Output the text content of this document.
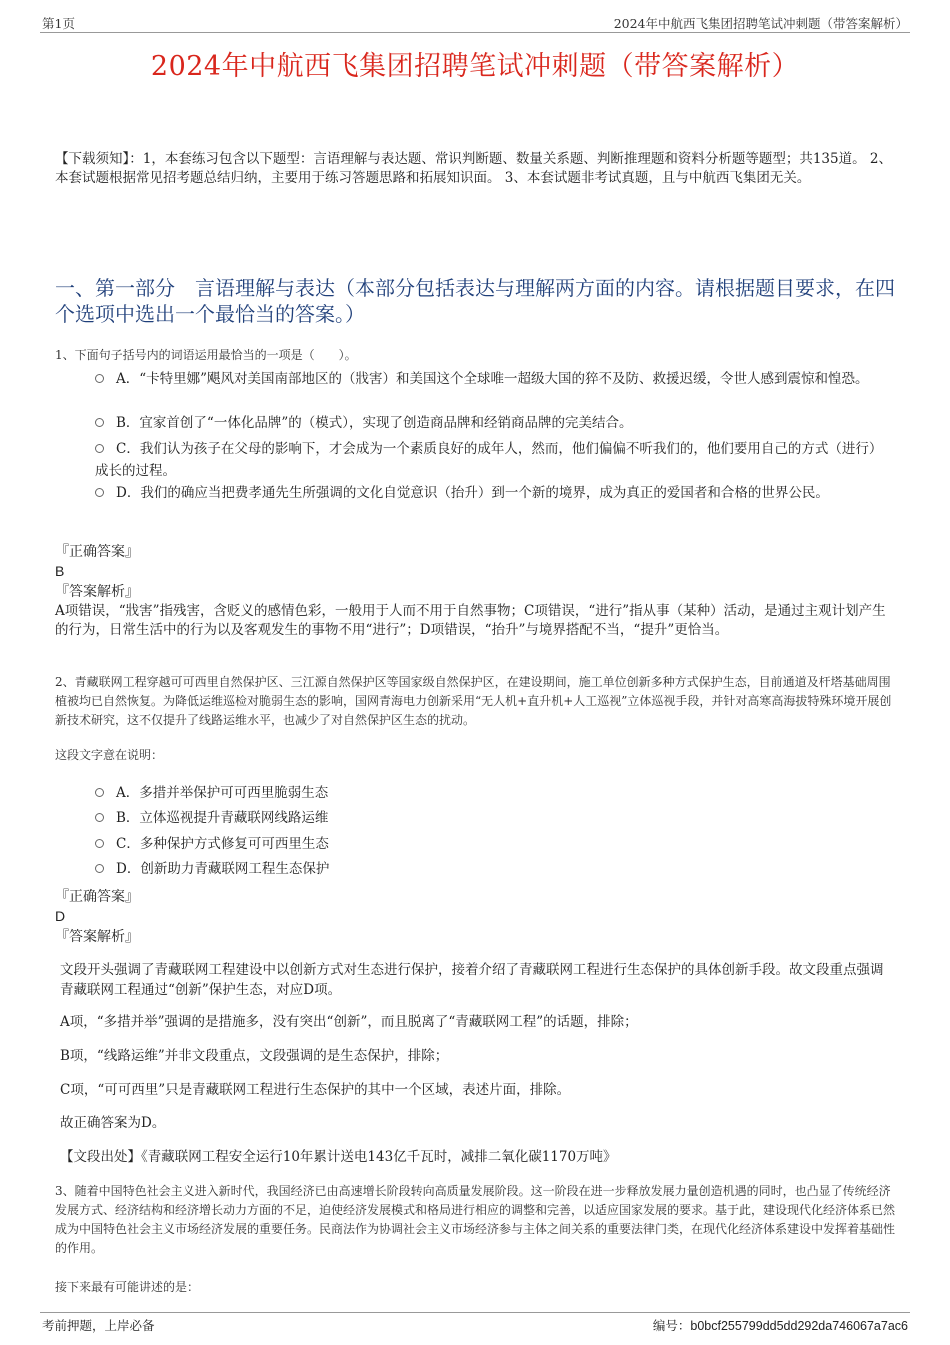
第1页	2024年中航西飞集团招聘笔试冲刺题（带答案解析）
2024年中航西飞集团招聘笔试冲刺题（带答案解析）
【下载须知】：1，本套练习包含以下题型：言语理解与表达题、常识判断题、数量关系题、判断推理题和资料分析题等题型；共135道。 2、本套试题根据常见招考题总结归纳，主要用于练习答题思路和拓展知识面。 3、本套试题非考试真题，且与中航西飞集团无关。
一、第一部分　言语理解与表达（本部分包括表达与理解两方面的内容。请根据题目要求，在四个选项中选出一个最恰当的答案。）
1、下面句子括号内的词语运用最恰当的一项是（　　）。
A．“卡特里娜”飓风对美国南部地区的（戕害）和美国这个全球唯一超级大国的猝不及防、救援迟缓，令世人感到震惊和惶恐。
B．宜家首创了“一体化品牌”的（模式），实现了创造商品牌和经销商品牌的完美结合。
C．我们认为孩子在父母的影响下，才会成为一个素质良好的成年人，然而，他们偏偏不听我们的，他们要用自己的方式（进行）成长的过程。
D．我们的确应当把费孝通先生所强调的文化自觉意识（抬升）到一个新的境界，成为真正的爱国者和合格的世界公民。
『正确答案』
B
『答案解析』
A项错误，“戕害”指残害，含贬义的感情色彩，一般用于人而不用于自然事物；C项错误，“进行”指从事（某种）活动，是通过主观计划产生的行为，日常生活中的行为以及客观发生的事物不用“进行”；D项错误，“抬升”与境界搭配不当，“提升”更恰当。
2、青藏联网工程穿越可可西里自然保护区、三江源自然保护区等国家级自然保护区，在建设期间，施工单位创新多种方式保护生态，目前通道及杆塔基础周围植被均已自然恢复。为降低运维巡检对脆弱生态的影响，国网青海电力创新采用“无人机+直升机+人工巡视”立体巡视手段，并针对高寒高海拔特殊环境开展创新技术研究，这不仅提升了线路运维水平，也减少了对自然保护区生态的扰动。
这段文字意在说明：
A．多措并举保护可可西里脆弱生态
B．立体巡视提升青藏联网线路运维
C．多种保护方式修复可可西里生态
D．创新助力青藏联网工程生态保护
『正确答案』
D
『答案解析』
文段开头强调了青藏联网工程建设中以创新方式对生态进行保护，接着介绍了青藏联网工程进行生态保护的具体创新手段。故文段重点强调青藏联网工程通过“创新”保护生态，对应D项。
A项，“多措并举”强调的是措施多，没有突出“创新”，而且脱离了“青藏联网工程”的话题，排除；
B项，“线路运维”并非文段重点，文段强调的是生态保护，排除；
C项，“可可西里”只是青藏联网工程进行生态保护的其中一个区域，表述片面，排除。
故正确答案为D。
【文段出处】《青藏联网工程安全运行10年累计送电143亿千瓦时，减排二氧化碳1170万吨》
3、随着中国特色社会主义进入新时代，我国经济已由高速增长阶段转向高质量发展阶段。这一阶段在进一步释放发展力量创造机遇的同时，也凸显了传统经济发展方式、经济结构和经济增长动力方面的不足，迫使经济发展模式和格局进行相应的调整和完善，以适应国家发展的要求。基于此，建设现代化经济体系已然成为中国特色社会主义市场经济发展的重要任务。民商法作为协调社会主义市场经济参与主体之间关系的重要法律门类，在现代化经济体系建设中发挥着基础性的作用。
接下来最有可能讲述的是：
考前押题，上岸必备	编号：b0bcf255799dd5dd292da746067a7ac6
